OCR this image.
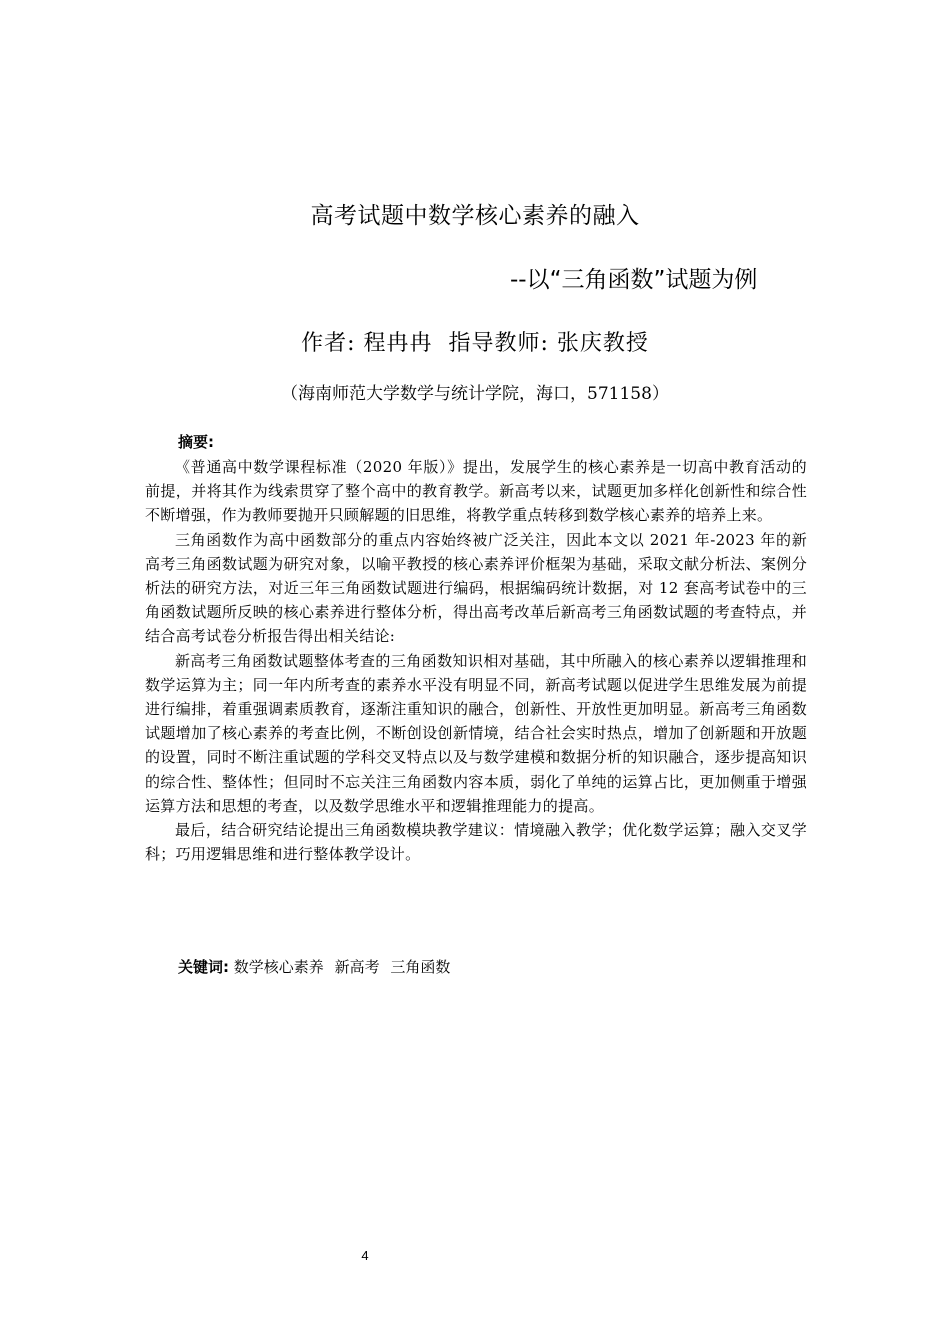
高考试题中数学核心素养的融入
--以“三角函数”试题为例
作者: 程冉冉 指导教师: 张庆教授
（海南师范大学数学与统计学院，海口，571158）
摘要:

《普通高中数学课程标准（2020 年版）》提出，发展学生的核心素养是一切高中教育活动的前提，并将其作为线索贯穿了整个高中的教育教学。新高考以来，试题更加多样化创新性和综合性不断增强，作为教师要抛开只顾解题的旧思维，将教学重点转移到数学核心素养的培养上来。

三角函数作为高中函数部分的重点内容始终被广泛关注，因此本文以 2021 年-2023 年的新高考三角函数试题为研究对象，以喻平教授的核心素养评价框架为基础，采取文献分析法、案例分析法的研究方法，对近三年三角函数试题进行编码，根据编码统计数据，对 12 套高考试卷中的三角函数试题所反映的核心素养进行整体分析，得出高考改革后新高考三角函数试题的考查特点，并结合高考试卷分析报告得出相关结论:

新高考三角函数试题整体考查的三角函数知识相对基础，其中所融入的核心素养以逻辑推理和数学运算为主；同一年内所考查的素养水平没有明显不同，新高考试题以促进学生思维发展为前提进行编排，着重强调素质教育，逐渐注重知识的融合，创新性、开放性更加明显。新高考三角函数试题增加了核心素养的考查比例，不断创设创新情境，结合社会实时热点，增加了创新题和开放题的设置，同时不断注重试题的学科交叉特点以及与数学建模和数据分析的知识融合，逐步提高知识的综合性、整体性；但同时不忘关注三角函数内容本质，弱化了单纯的运算占比，更加侧重于增强运算方法和思想的考查，以及数学思维水平和逻辑推理能力的提高。

最后，结合研究结论提出三角函数模块教学建议：情境融入教学；优化数学运算；融入交叉学科；巧用逻辑思维和进行整体教学设计。

关键词: 数学核心素养 新高考 三角函数
4
